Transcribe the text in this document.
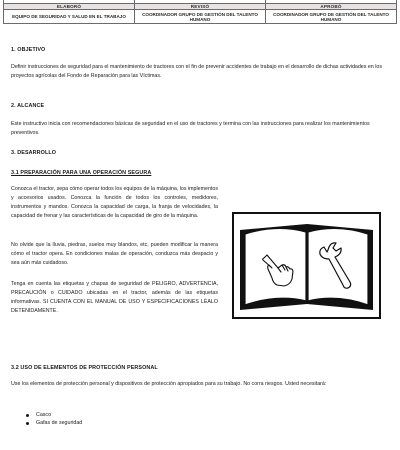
ELABORÓ	REVISÓ	APROBÓ
EQUIPO DE SEGURIDAD Y SALUD EN EL TRABAJO	COORDINADOR GRUPO DE GESTIÓN DEL TALENTO HUMANO	COORDINADOR GRUPO DE GESTIÓN DEL TALENTO HUMANO
1. OBJETIVO

Definir instrucciones de seguridad para el mantenimiento de tractores con el fin de prevenir accidentes de trabajo en el desarrollo de dichas actividades en los proyectos agrícolas del Fondo de Reparación para las Víctimas.

2. ALCANCE

Este instructivo inicia con recomendaciones básicas de seguridad en el uso de tractores y termina con las instrucciones para realizar los mantenimientos preventivos.

3. DESARROLLO
3.1 PREPARACIÓN PARA UNA OPERACIÓN SEGURA

Conozca el tractor, sepa cómo operar todos los equipos de la máquina, los implementos y accesorios usados. Conozca la función de todos los controles, medidores, instrumentos y mandos. Conozca la capacidad de carga, la franja de velocidades, la capacidad de frenar y las características de la capacidad de giro de la máquina.

No olvide que la lluvia, piedras, suelos muy blandos, etc, pueden modificar la manera cómo el tractor opera. En condiciones malas de operación, conduzca más despacio y sea aún más cuidadoso.

Tenga en cuenta las etiquetas y chapas de seguridad de PELIGRO, ADVERTENCIA, PRECAUCIÓN o CUIDADO ubicadas en el tractor, además de las etiquetas informativas. SI CUENTA CON EL MANUAL DE USO Y ESPECIFICACIONES LÉALO DETENIDAMENTE.

3.2 USO DE ELEMENTOS DE PROTECCIÓN PERSONAL

Use los elementos de protección personal y dispositivos de protección apropiados para su trabajo. No corra riesgos. Usted necesitará:

Casco
Gafas de seguridad
